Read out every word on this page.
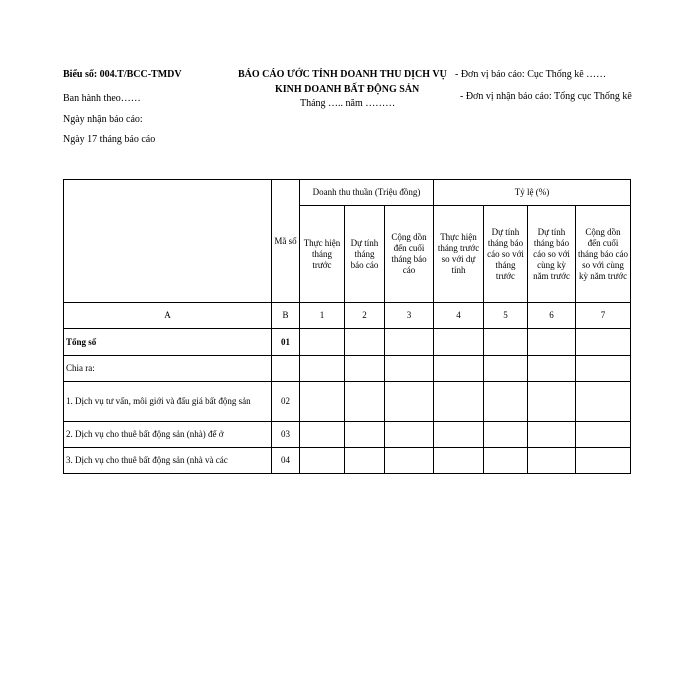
Biểu số: 004.T/BCC-TMDV
Ban hành theo……
Ngày nhận báo cáo:
Ngày 17 tháng báo cáo
BÁO CÁO ƯỚC TÍNH DOANH THU DỊCH VỤ
KINH DOANH BẤT ĐỘNG SẢN
Tháng ….. năm ………
- Đơn vị báo cáo: Cục Thống kê ……
- Đơn vị nhận báo cáo: Tổng cục Thống kê
	Mã số	Doanh thu thuần (Triệu đồng)			Tỷ lệ (%)			
		Thực hiện tháng trước	Dự tính tháng báo cáo	Cộng dồn đến cuối tháng báo cáo	Thực hiện tháng trước so với dự tính	Dự tính tháng báo cáo so với tháng trước	Dự tính tháng báo cáo so với cùng kỳ năm trước	Cộng dồn đến cuối tháng báo cáo so với cùng kỳ năm trước
A	B	1	2	3	4	5	6	7
Tổng số	01							
Chia ra:								
1. Dịch vụ tư vấn, môi giới và đấu giá bất động sản	02							
2. Dịch vụ cho thuê bất động sản (nhà) để ở	03							
3. Dịch vụ cho thuê bất động sản (nhà và các	04							
